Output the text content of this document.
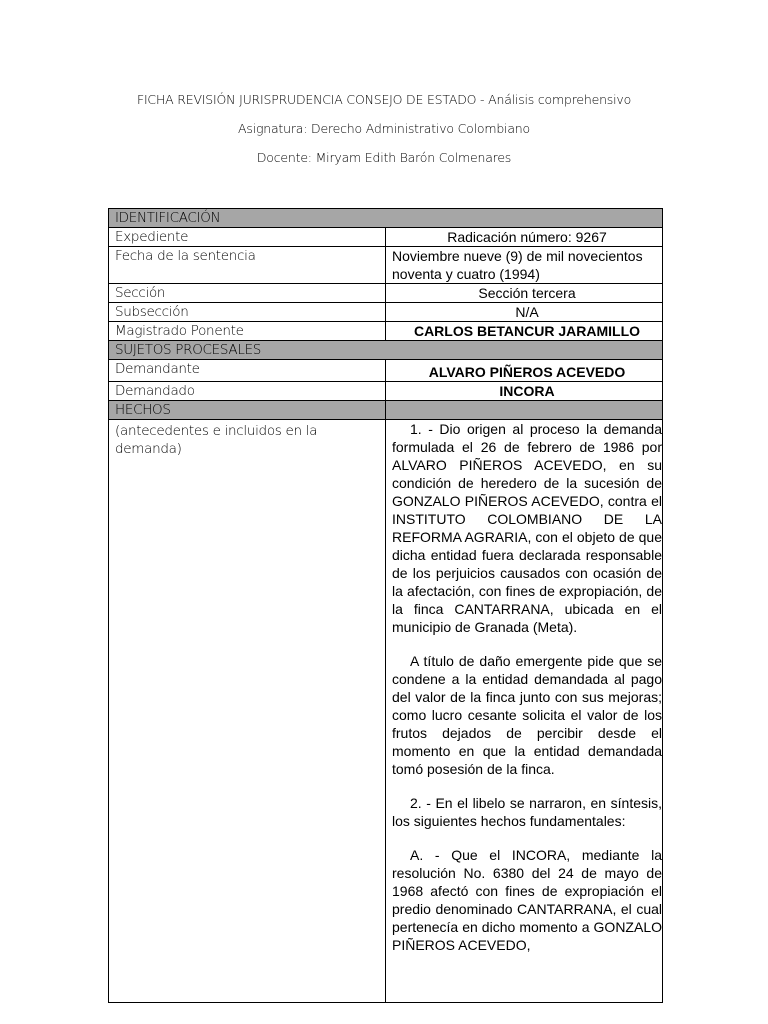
FICHA REVISIÓN JURISPRUDENCIA CONSEJO DE ESTADO - Análisis comprehensivo
Asignatura: Derecho Administrativo Colombiano
Docente: Miryam Edith Barón Colmenares
IDENTIFICACIÓN	
Expediente	Radicación número: 9267
Fecha de la sentencia	Noviembre nueve (9) de mil novecientos noventa y cuatro (1994)
Sección	Sección tercera
Subsección	N/A
Magistrado Ponente	CARLOS BETANCUR JARAMILLO
SUJETOS PROCESALES	
Demandante	ALVARO PIÑEROS ACEVEDO
Demandado	INCORA
HECHOS	
(antecedentes e incluidos en la demanda)	1. - Dio origen al proceso la demanda formulada el 26 de febrero de 1986 por ALVARO PIÑEROS ACEVEDO, en su condición de heredero de la sucesión de GONZALO PIÑEROS ACEVEDO, contra el INSTITUTO COLOMBIANO DE LA REFORMA AGRARIA, con el objeto de que dicha entidad fuera declarada responsable de los perjuicios causados con ocasión de la afectación, con fines de expropiación, de la finca CANTARRANA, ubicada en el municipio de Granada (Meta).

A título de daño emergente pide que se condene a la entidad demandada al pago del valor de la finca junto con sus mejoras; como lucro cesante solicita el valor de los frutos dejados de percibir desde el momento en que la entidad demandada tomó posesión de la finca.

2. - En el libelo se narraron, en síntesis, los siguientes hechos fundamentales:

A. - Que el INCORA, mediante la resolución No. 6380 del 24 de mayo de 1968 afectó con fines de expropiación el predio denominado CANTARRANA, el cual pertenecía en dicho momento a GONZALO PIÑEROS ACEVEDO,
